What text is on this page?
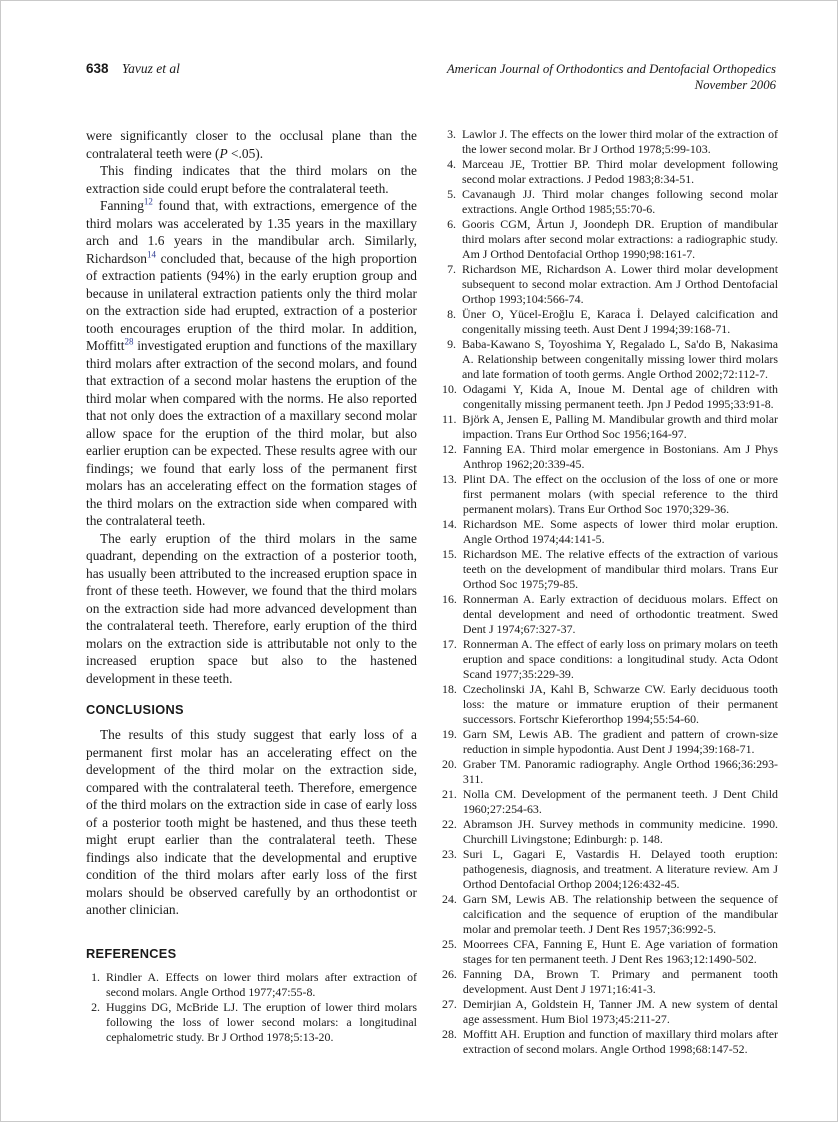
638 Yavuz et al	American Journal of Orthodontics and Dentofacial Orthopedics
November 2006

were significantly closer to the occlusal plane than the contralateral teeth were (P <.05).

This finding indicates that the third molars on the extraction side could erupt before the contralateral teeth.

Fanning$^{12}$ found that, with extractions, emergence of the third molars was accelerated by 1.35 years in the maxillary arch and 1.6 years in the mandibular arch. Similarly, Richardson$^{14}$ concluded that, because of the high proportion of extraction patients (94%) in the early eruption group and because in unilateral extraction patients only the third molar on the extraction side had erupted, extraction of a posterior tooth encourages eruption of the third molar. In addition, Moffitt$^{28}$ investigated eruption and functions of the maxillary third molars after extraction of the second molars, and found that extraction of a second molar hastens the eruption of the third molar when compared with the norms. He also reported that not only does the extraction of a maxillary second molar allow space for the eruption of the third molar, but also earlier eruption can be expected. These results agree with our findings; we found that early loss of the permanent first molars has an accelerating effect on the formation stages of the third molars on the extraction side when compared with the contralateral teeth.

The early eruption of the third molars in the same quadrant, depending on the extraction of a posterior tooth, has usually been attributed to the increased eruption space in front of these teeth. However, we found that the third molars on the extraction side had more advanced development than the contralateral teeth. Therefore, early eruption of the third molars on the extraction side is attributable not only to the increased eruption space but also to the hastened development in these teeth.

CONCLUSIONS

The results of this study suggest that early loss of a permanent first molar has an accelerating effect on the development of the third molar on the extraction side, compared with the contralateral teeth. Therefore, emergence of the third molars on the extraction side in case of early loss of a posterior tooth might be hastened, and thus these teeth might erupt earlier than the contralateral teeth. These findings also indicate that the developmental and eruptive condition of the third molars after early loss of the first molars should be observed carefully by an orthodontist or another clinician.

REFERENCES
1. Rindler A. Effects on lower third molars after extraction of second molars. Angle Orthod 1977;47:55-8.
2. Huggins DG, McBride LJ. The eruption of lower third molars following the loss of lower second molars: a longitudinal cephalometric study. Br J Orthod 1978;5:13-20.
3. Lawlor J. The effects on the lower third molar of the extraction of the lower second molar. Br J Orthod 1978;5:99-103.
4. Marceau JE, Trottier BP. Third molar development following second molar extractions. J Pedod 1983;8:34-51.
5. Cavanaugh JJ. Third molar changes following second molar extractions. Angle Orthod 1985;55:70-6.
6. Gooris CGM, Årtun J, Joondeph DR. Eruption of mandibular third molars after second molar extractions: a radiographic study. Am J Orthod Dentofacial Orthop 1990;98:161-7.
7. Richardson ME, Richardson A. Lower third molar development subsequent to second molar extraction. Am J Orthod Dentofacial Orthop 1993;104:566-74.
8. Üner O, Yücel-Eroğlu E, Karaca İ. Delayed calcification and congenitally missing teeth. Aust Dent J 1994;39:168-71.
9. Baba-Kawano S, Toyoshima Y, Regalado L, Sa'do B, Nakasima A. Relationship between congenitally missing lower third molars and late formation of tooth germs. Angle Orthod 2002;72:112-7.
10. Odagami Y, Kida A, Inoue M. Dental age of children with congenitally missing permanent teeth. Jpn J Pedod 1995;33:91-8.
11. Björk A, Jensen E, Palling M. Mandibular growth and third molar impaction. Trans Eur Orthod Soc 1956;164-97.
12. Fanning EA. Third molar emergence in Bostonians. Am J Phys Anthrop 1962;20:339-45.
13. Plint DA. The effect on the occlusion of the loss of one or more first permanent molars (with special reference to the third permanent molars). Trans Eur Orthod Soc 1970;329-36.
14. Richardson ME. Some aspects of lower third molar eruption. Angle Orthod 1974;44:141-5.
15. Richardson ME. The relative effects of the extraction of various teeth on the development of mandibular third molars. Trans Eur Orthod Soc 1975;79-85.
16. Ronnerman A. Early extraction of deciduous molars. Effect on dental development and need of orthodontic treatment. Swed Dent J 1974;67:327-37.
17. Ronnerman A. The effect of early loss on primary molars on teeth eruption and space conditions: a longitudinal study. Acta Odont Scand 1977;35:229-39.
18. Czecholinski JA, Kahl B, Schwarze CW. Early deciduous tooth loss: the mature or immature eruption of their permanent successors. Fortschr Kieferorthop 1994;55:54-60.
19. Garn SM, Lewis AB. The gradient and pattern of crown-size reduction in simple hypodontia. Aust Dent J 1994;39:168-71.
20. Graber TM. Panoramic radiography. Angle Orthod 1966;36:293-311.
21. Nolla CM. Development of the permanent teeth. J Dent Child 1960;27:254-63.
22. Abramson JH. Survey methods in community medicine. 1990. Churchill Livingstone; Edinburgh: p. 148.
23. Suri L, Gagari E, Vastardis H. Delayed tooth eruption: pathogenesis, diagnosis, and treatment. A literature review. Am J Orthod Dentofacial Orthop 2004;126:432-45.
24. Garn SM, Lewis AB. The relationship between the sequence of calcification and the sequence of eruption of the mandibular molar and premolar teeth. J Dent Res 1957;36:992-5.
25. Moorrees CFA, Fanning E, Hunt E. Age variation of formation stages for ten permanent teeth. J Dent Res 1963;12:1490-502.
26. Fanning DA, Brown T. Primary and permanent tooth development. Aust Dent J 1971;16:41-3.
27. Demirjian A, Goldstein H, Tanner JM. A new system of dental age assessment. Hum Biol 1973;45:211-27.
28. Moffitt AH. Eruption and function of maxillary third molars after extraction of second molars. Angle Orthod 1998;68:147-52.
